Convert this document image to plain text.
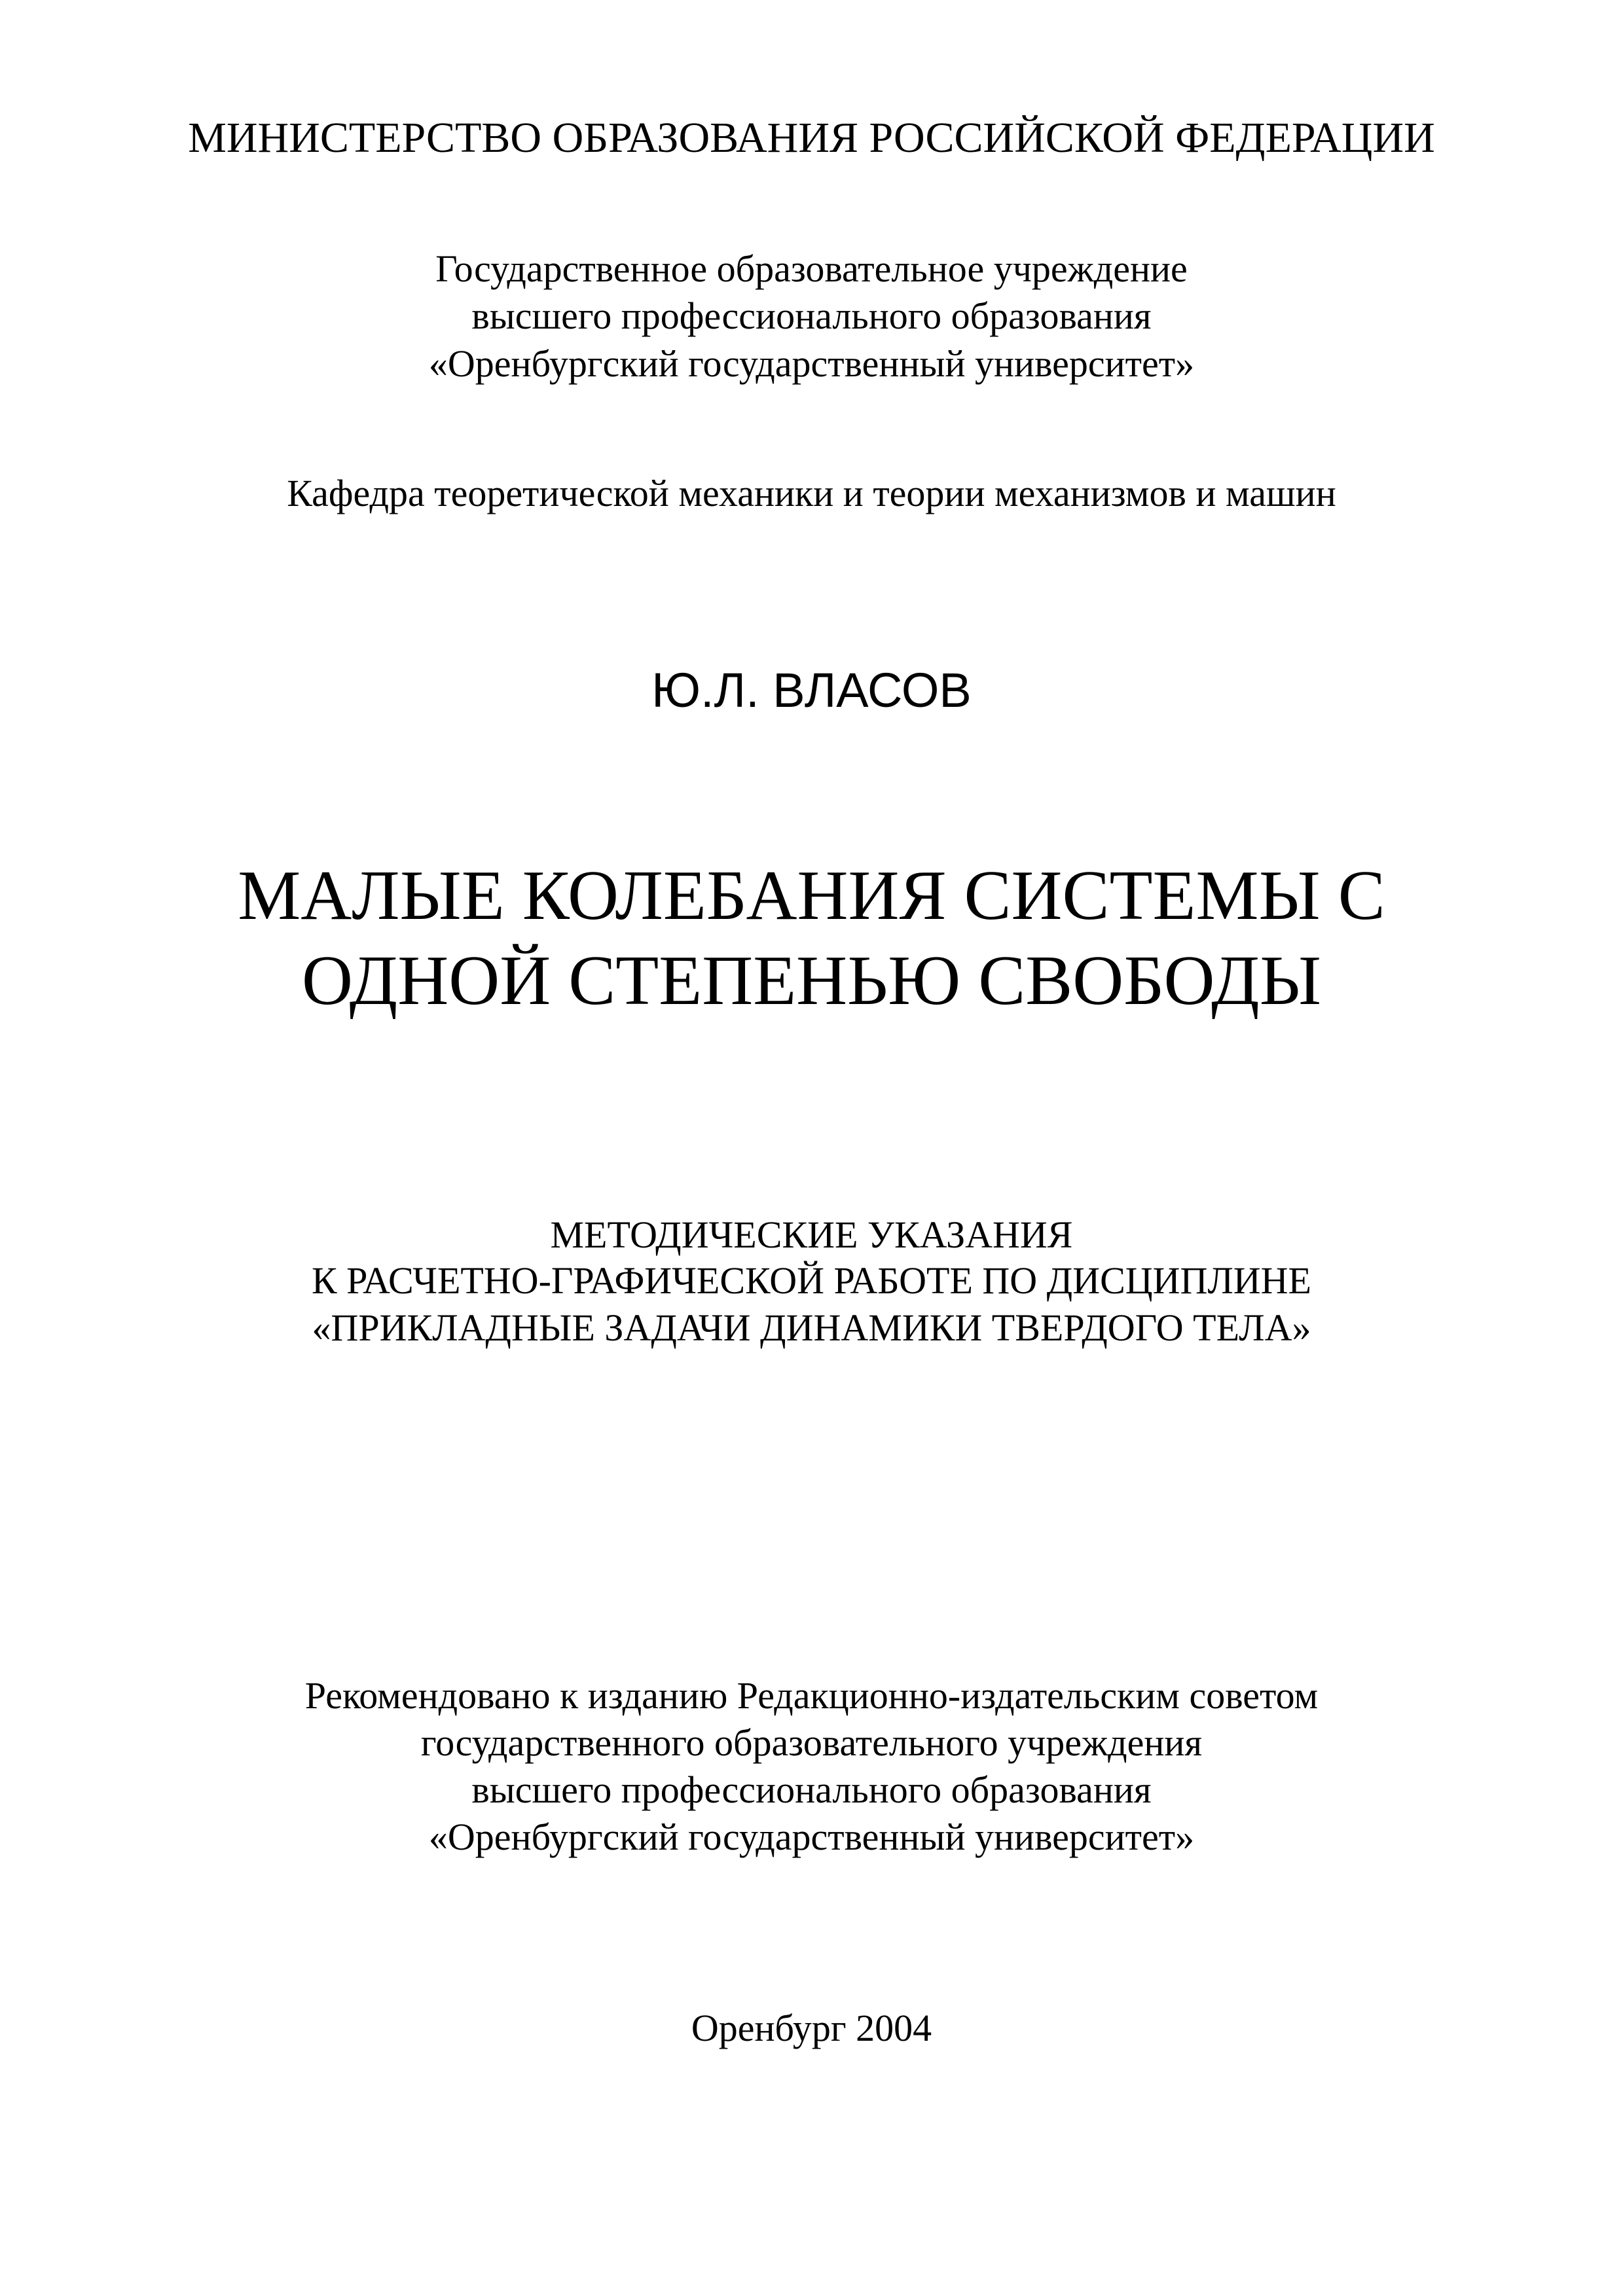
МИНИСТЕРСТВО ОБРАЗОВАНИЯ РОССИЙСКОЙ ФЕДЕРАЦИИ
Государственное образовательное учреждение
высшего профессионального образования
«Оренбургский государственный университет»
Кафедра теоретической механики и теории механизмов и машин
Ю.Л. ВЛАСОВ
МАЛЫЕ КОЛЕБАНИЯ СИСТЕМЫ С
ОДНОЙ СТЕПЕНЬЮ СВОБОДЫ
МЕТОДИЧЕСКИЕ УКАЗАНИЯ
К РАСЧЕТНО-ГРАФИЧЕСКОЙ РАБОТЕ ПО ДИСЦИПЛИНЕ
«ПРИКЛАДНЫЕ ЗАДАЧИ ДИНАМИКИ ТВЕРДОГО ТЕЛА»
Рекомендовано к изданию Редакционно-издательским советом
государственного образовательного учреждения
высшего профессионального образования
«Оренбургский государственный университет»
Оренбург 2004
